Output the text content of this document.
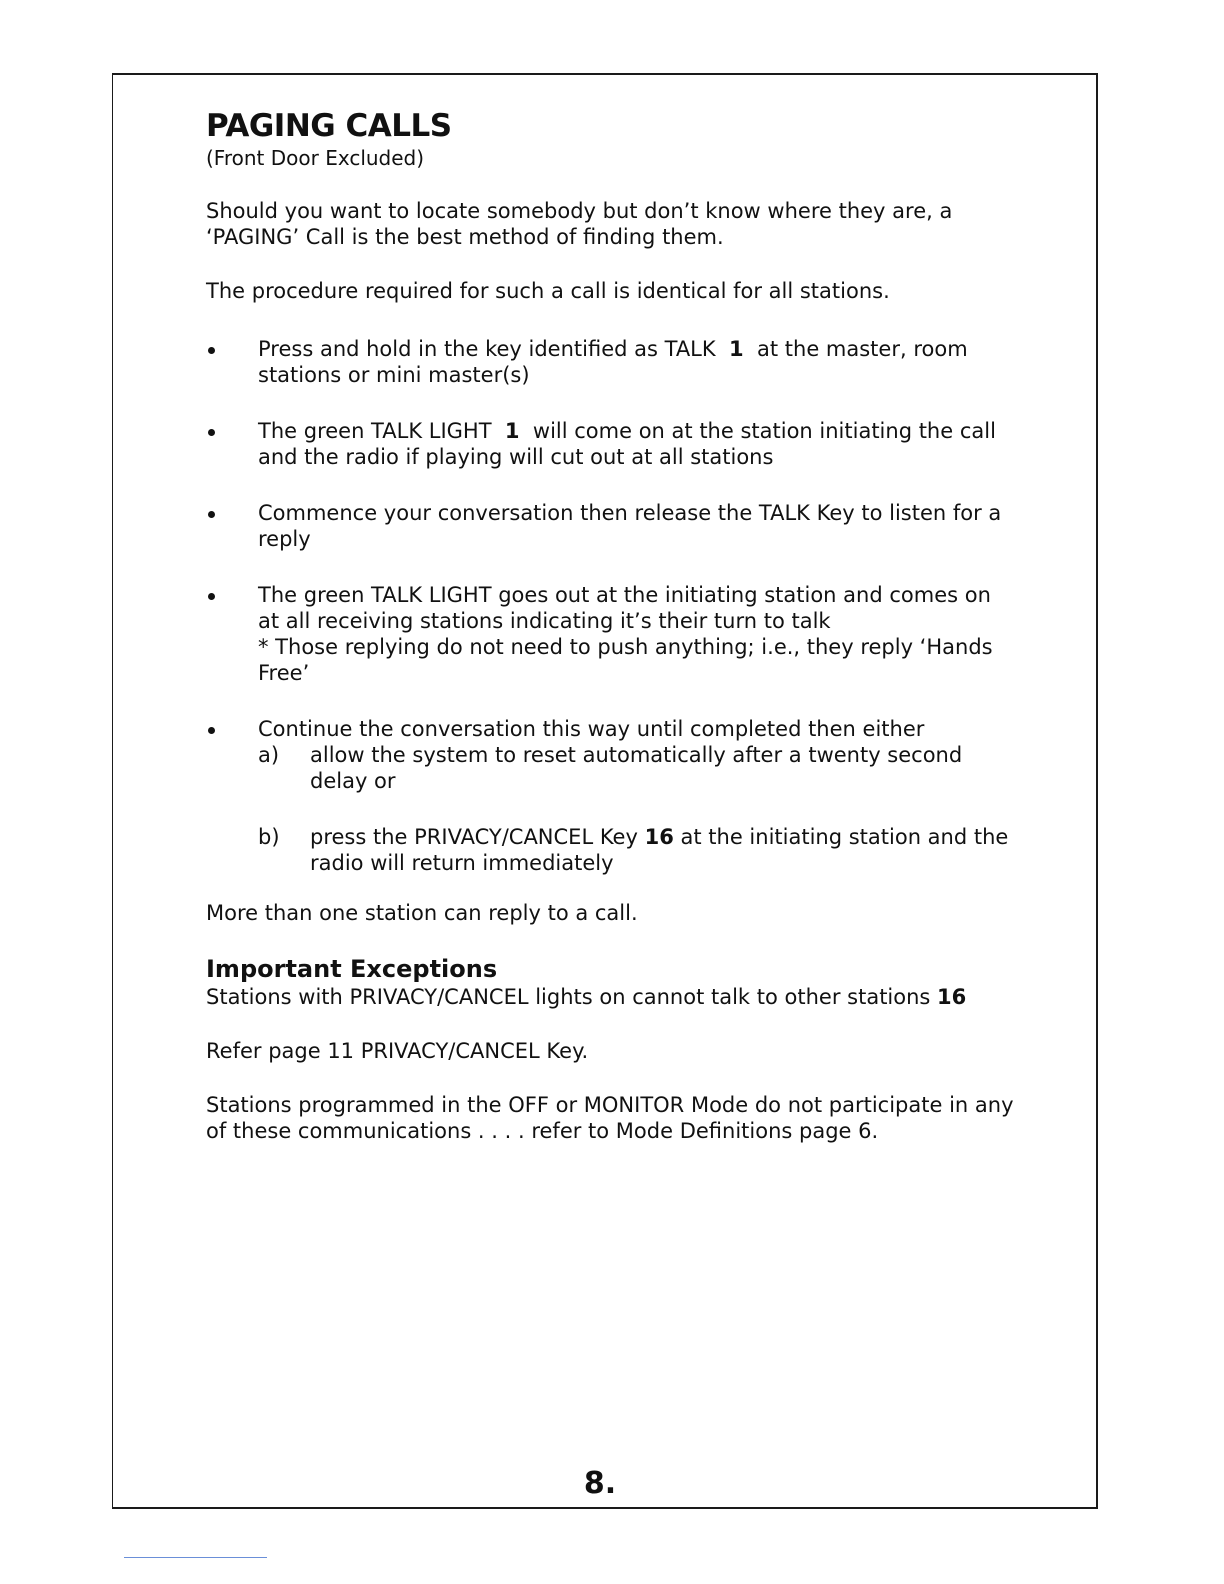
PAGING CALLS
(Front Door Excluded)

Should you want to locate somebody but don’t know where they are, a ‘PAGING’ Call is the best method of finding them.

The procedure required for such a call is identical for all stations.

Press and hold in the key identified as TALK 1 at the master, room stations or mini master(s)
The green TALK LIGHT 1 will come on at the station initiating the call and the radio if playing will cut out at all stations
Commence your conversation then release the TALK Key to listen for a reply
The green TALK LIGHT goes out at the initiating station and comes on at all receiving stations indicating it’s their turn to talk
* Those replying do not need to push anything; i.e., they reply ‘Hands Free’
Continue the conversation this way until completed then either
a) allow the system to reset automatically after a twenty second delay or
b) press the PRIVACY/CANCEL Key 16 at the initiating station and the radio will return immediately

More than one station can reply to a call.

Important Exceptions

Stations with PRIVACY/CANCEL lights on cannot talk to other stations 16

Refer page 11 PRIVACY/CANCEL Key.

Stations programmed in the OFF or MONITOR Mode do not participate in any of these communications . . . . refer to Mode Definitions page 6.

8.
